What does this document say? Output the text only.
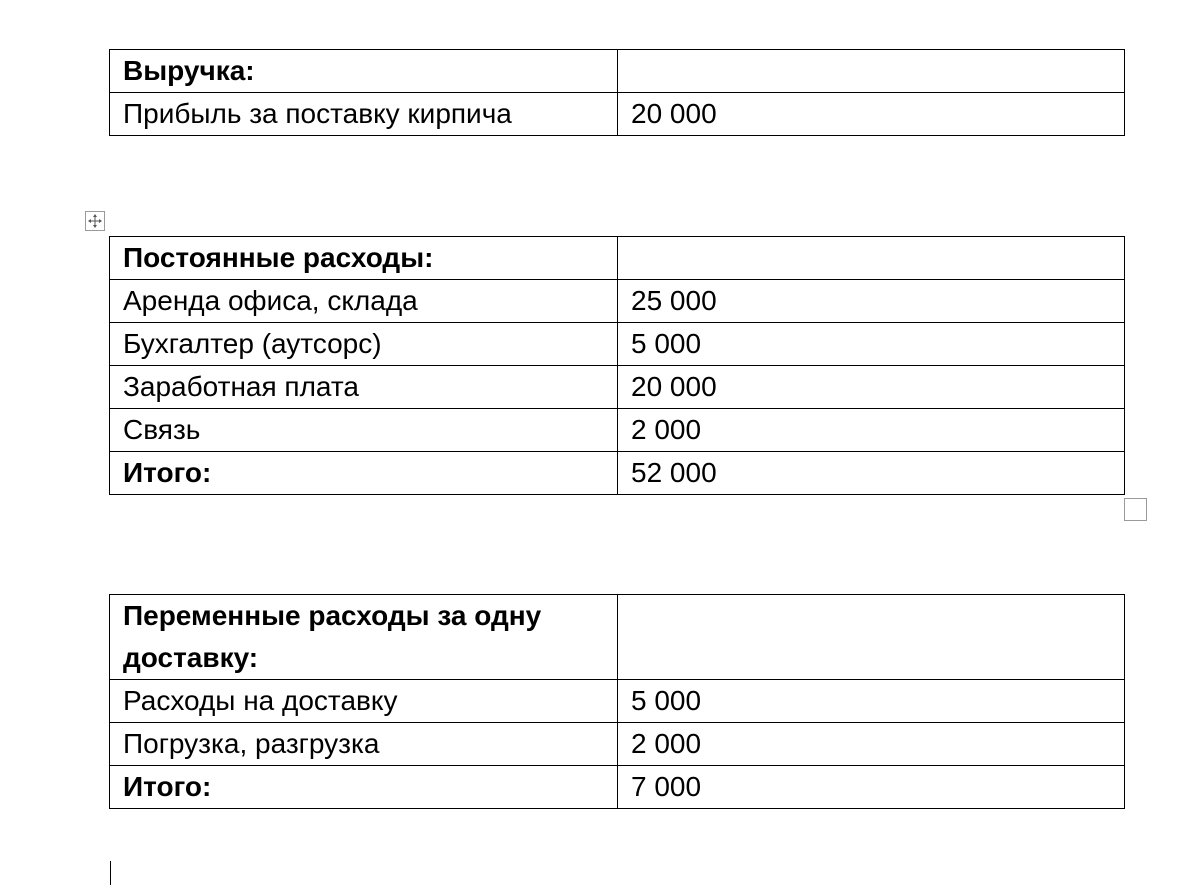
Выручка:	
Прибыль за поставку кирпича	20 000
Постоянные расходы:	
Аренда офиса, склада	25 000
Бухгалтер (аутсорс)	5 000
Заработная плата	20 000
Связь	2 000
Итого:	52 000
Переменные расходы за одну доставку:	
Расходы на доставку	5 000
Погрузка, разгрузка	2 000
Итого:	7 000
